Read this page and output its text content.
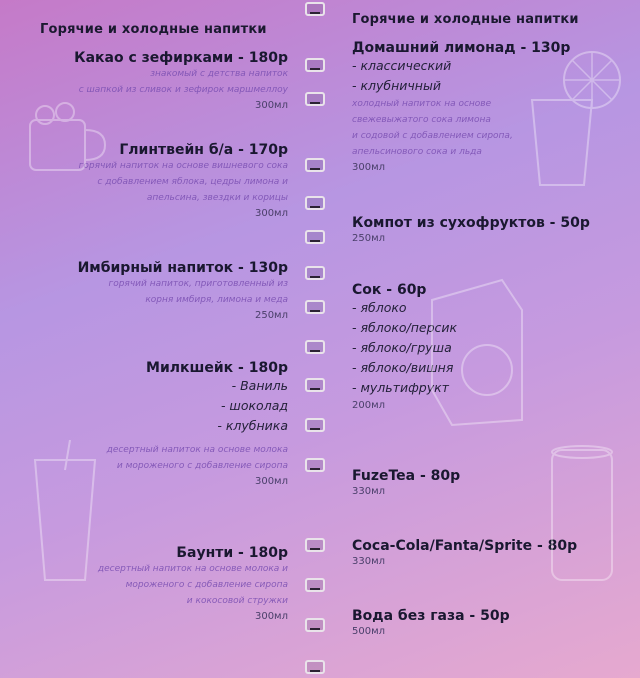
Горячие и холодные напитки
Какао с зефирками - 180р
знакомый с детства напиток
с шапкой из сливок и зефирок маршмеллоу
300мл
Глинтвейн б/а - 170р
горячий напиток на основе вишневого сока
с добавлением яблока, цедры лимона и
апельсина, звездки и корицы
300мл
Имбирный напиток - 130р
горячий напиток, приготовленный из
корня имбиря, лимона и меда
250мл
Милкшейк - 180р
- Ваниль
- шоколад
- клубника
десертный напиток на основе молока
и мороженого с добавление сиропа
300мл
Баунти - 180р
десертный напиток на основе молока и
мороженого с добавление сиропа
и кокосовой стружки
300мл
Горячие и холодные напитки
Домашний лимонад - 130р
- классический
- клубничный
холодный напиток на основе
свежевыжатого сока лимона
и содовой с добавлением сиропа,
апельсинового сока и льда
300мл
Компот из сухофруктов - 50р
250мл
Сок - 60р
- яблоко
- яблоко/персик
- яблоко/груша
- яблоко/вишня
- мультифрукт
200мл
FuzeTea - 80р
330мл
Coca-Cola/Fanta/Sprite - 80р
330мл
Вода без газа - 50р
500мл
